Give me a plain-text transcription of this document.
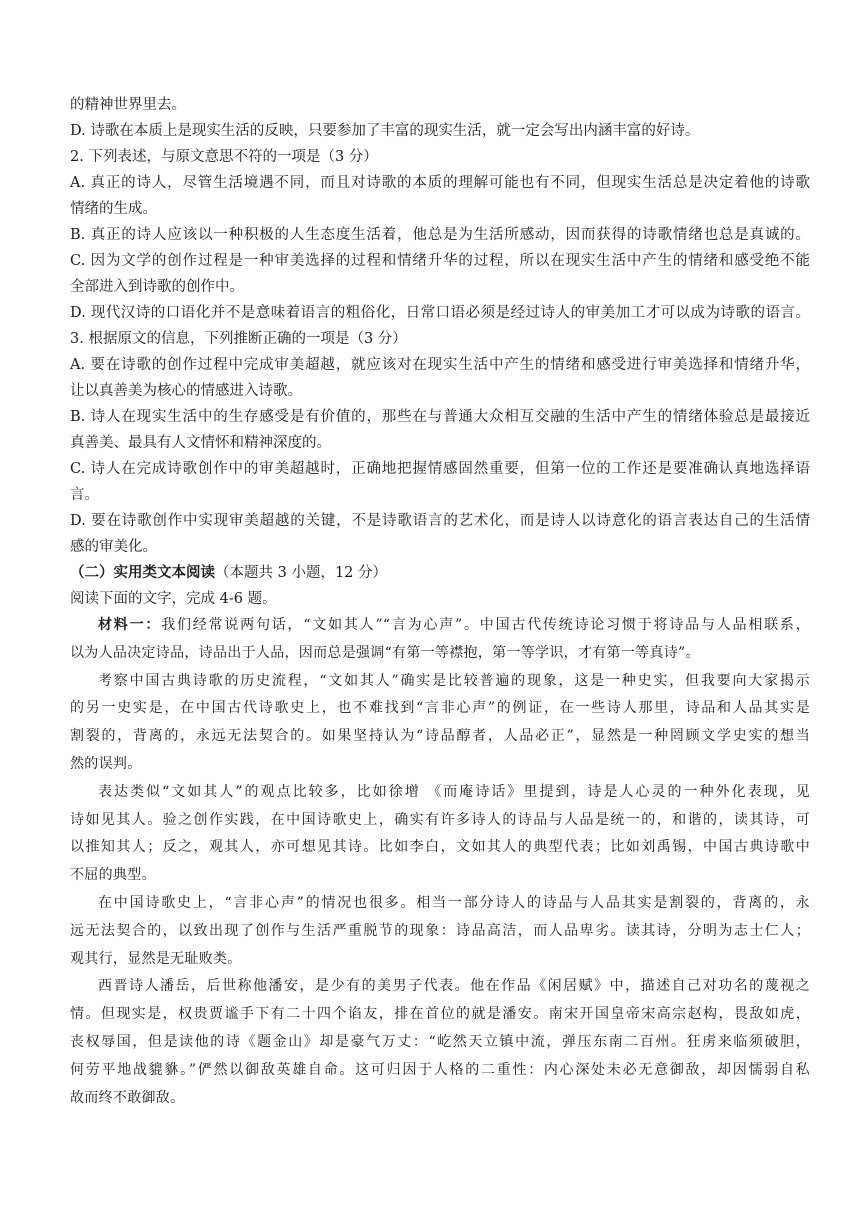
的精神世界里去。
D. 诗歌在本质上是现实生活的反映，只要参加了丰富的现实生活，就一定会写出内涵丰富的好诗。
2. 下列表述，与原文意思不符的一项是（3 分）
A. 真正的诗人，尽管生活境遇不同，而且对诗歌的本质的理解可能也有不同，但现实生活总是决定着他的诗歌
情绪的生成。
B. 真正的诗人应该以一种积极的人生态度生活着，他总是为生活所感动，因而获得的诗歌情绪也总是真诚的。
C. 因为文学的创作过程是一种审美选择的过程和情绪升华的过程，所以在现实生活中产生的情绪和感受绝不能
全部进入到诗歌的创作中。
D. 现代汉诗的口语化并不是意味着语言的粗俗化，日常口语必须是经过诗人的审美加工才可以成为诗歌的语言。
3. 根据原文的信息，下列推断正确的一项是（3 分）
A. 要在诗歌的创作过程中完成审美超越，就应该对在现实生活中产生的情绪和感受进行审美选择和情绪升华，
让以真善美为核心的情感进入诗歌。
B. 诗人在现实生活中的生存感受是有价值的，那些在与普通大众相互交融的生活中产生的情绪体验总是最接近
真善美、最具有人文情怀和精神深度的。
C. 诗人在完成诗歌创作中的审美超越时，正确地把握情感固然重要，但第一位的工作还是要准确认真地选择语
言。
D. 要在诗歌创作中实现审美超越的关键，不是诗歌语言的艺术化，而是诗人以诗意化的语言表达自己的生活情
感的审美化。
（二）实用类文本阅读（本题共 3 小题，12 分）
阅读下面的文字，完成 4-6 题。
材料一：我们经常说两句话，“文如其人”“言为心声”。中国古代传统诗论习惯于将诗品与人品相联系，
以为人品决定诗品，诗品出于人品，因而总是强调“有第一等襟抱，第一等学识，才有第一等真诗”。
考察中国古典诗歌的历史流程，“文如其人”确实是比较普遍的现象，这是一种史实，但我要向大家揭示
的另一史实是，在中国古代诗歌史上，也不难找到“言非心声”的例证，在一些诗人那里，诗品和人品其实是
割裂的，背离的，永远无法契合的。如果坚持认为“诗品醇者，人品必正”，显然是一种罔顾文学史实的想当
然的误判。
表达类似“文如其人”的观点比较多，比如徐增 《而庵诗话》里提到，诗是人心灵的一种外化表现，见
诗如见其人。验之创作实践，在中国诗歌史上，确实有许多诗人的诗品与人品是统一的，和谐的，读其诗，可
以推知其人；反之，观其人，亦可想见其诗。比如李白，文如其人的典型代表；比如刘禹锡，中国古典诗歌中
不屈的典型。
在中国诗歌史上，“言非心声”的情况也很多。相当一部分诗人的诗品与人品其实是割裂的，背离的，永
远无法契合的，以致出现了创作与生活严重脱节的现象：诗品高洁，而人品卑劣。读其诗，分明为志士仁人；
观其行，显然是无耻败类。
西晋诗人潘岳，后世称他潘安，是少有的美男子代表。他在作品《闲居赋》中，描述自己对功名的蔑视之
情。但现实是，权贵贾谧手下有二十四个谄友，排在首位的就是潘安。南宋开国皇帝宋高宗赵构，畏敌如虎，
丧权辱国，但是读他的诗《题金山》却是豪气万丈：“屹然天立镇中流，弹压东南二百州。狂虏来临须破胆，
何劳平地战貔貅。”俨然以御敌英雄自命。这可归因于人格的二重性：内心深处未必无意御敌，却因懦弱自私
故而终不敢御敌。
